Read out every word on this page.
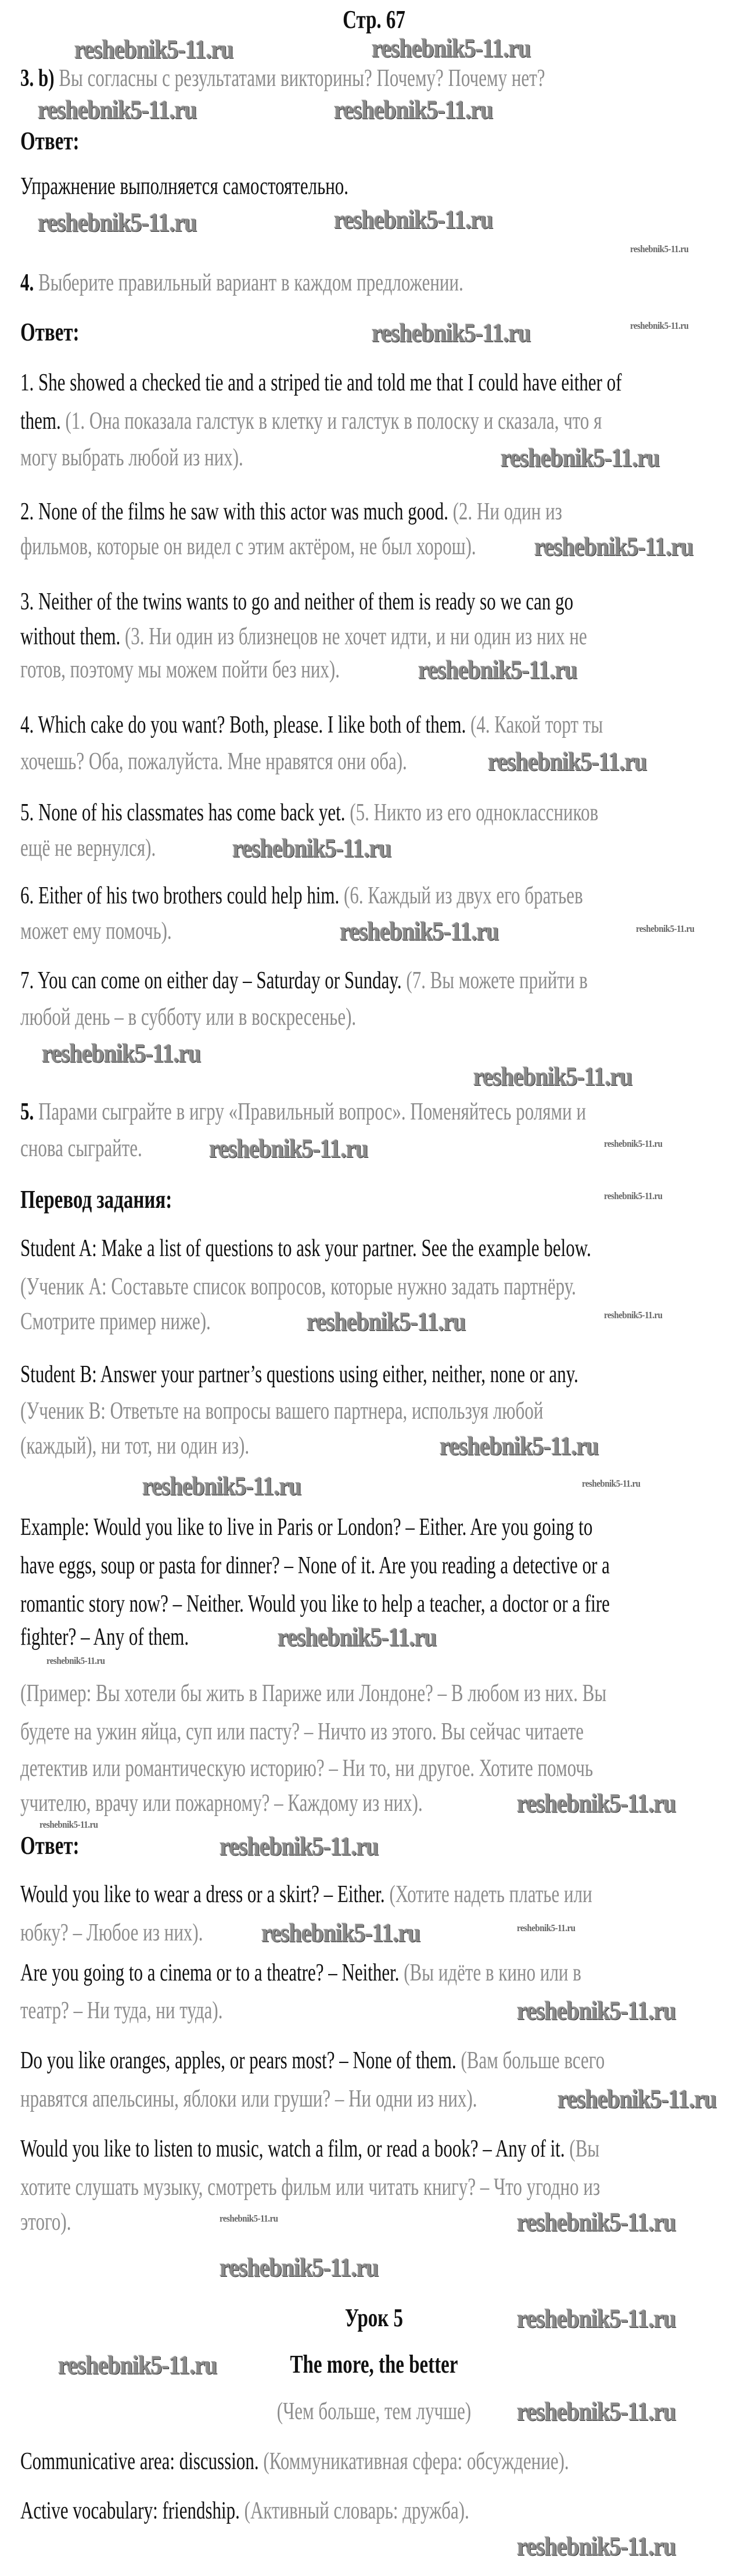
Стр. 67
3. b) Вы согласны с результатами викторины? Почему? Почему нет?
Ответ:
Упражнение выполняется самостоятельно.
4. Выберите правильный вариант в каждом предложении.
Ответ:
1. She showed a checked tie and a striped tie and told me that I could have either of
them. (1. Она показала галстук в клетку и галстук в полоску и сказала, что я
могу выбрать любой из них).
2. None of the films he saw with this actor was much good. (2. Ни один из
фильмов, которые он видел с этим актёром, не был хорош).
3. Neither of the twins wants to go and neither of them is ready so we can go
without them. (3. Ни один из близнецов не хочет идти, и ни один из них не
готов, поэтому мы можем пойти без них).
4. Which cake do you want? Both, please. I like both of them. (4. Какой торт ты
хочешь? Оба, пожалуйста. Мне нравятся они оба).
5. None of his classmates has come back yet. (5. Никто из его одноклассников
ещё не вернулся).
6. Either of his two brothers could help him. (6. Каждый из двух его братьев
может ему помочь).
7. You can come on either day – Saturday or Sunday. (7. Вы можете прийти в
любой день – в субботу или в воскресенье).
5. Парами сыграйте в игру «Правильный вопрос». Поменяйтесь ролями и
снова сыграйте.
Перевод задания:
Student A: Make a list of questions to ask your partner. See the example below.
(Ученик А: Составьте список вопросов, которые нужно задать партнёру.
Смотрите пример ниже).
Student B: Answer your partner’s questions using either, neither, none or any.
(Ученик В: Ответьте на вопросы вашего партнера, используя любой
(каждый), ни тот, ни один из).
Example: Would you like to live in Paris or London? – Either. Are you going to
have eggs, soup or pasta for dinner? – None of it. Are you reading a detective or a
romantic story now? – Neither. Would you like to help a teacher, a doctor or a fire
fighter? – Any of them.
(Пример: Вы хотели бы жить в Париже или Лондоне? – В любом из них. Вы
будете на ужин яйца, суп или пасту? – Ничто из этого. Вы сейчас читаете
детектив или романтическую историю? – Ни то, ни другое. Хотите помочь
учителю, врачу или пожарному? – Каждому из них).
Ответ:
Would you like to wear a dress or a skirt? – Either. (Хотите надеть платье или
юбку? – Любое из них).
Are you going to a cinema or to a theatre? – Neither. (Вы идёте в кино или в
театр? – Ни туда, ни туда).
Do you like oranges, apples, or pears most? – None of them. (Вам больше всего
нравятся апельсины, яблоки или груши? – Ни одни из них).
Would you like to listen to music, watch a film, or read a book? – Any of it. (Вы
хотите слушать музыку, смотреть фильм или читать книгу? – Что угодно из
этого).
Урок 5
The more, the better
(Чем больше, тем лучше)
Communicative area: discussion. (Коммуникативная сфера: обсуждение).
Active vocabulary: friendship. (Активный словарь: дружба).
reshebnik5-11.ru	reshebnik5-11.ru
reshebnik5-11.ru	reshebnik5-11.ru
reshebnik5-11.ru	reshebnik5-11.ru
reshebnik5-11.ru
reshebnik5-11.ru
reshebnik5-11.ru
reshebnik5-11.ru
reshebnik5-11.ru
reshebnik5-11.ru
reshebnik5-11.ru
reshebnik5-11.ru
reshebnik5-11.ru
reshebnik5-11.ru
reshebnik5-11.ru
reshebnik5-11.ru
reshebnik5-11.ru
reshebnik5-11.ru
reshebnik5-11.ru
reshebnik5-11.ru
reshebnik5-11.ru
reshebnik5-11.ru
reshebnik5-11.ru
reshebnik5-11.ru
reshebnik5-11.ru
reshebnik5-11.ru
reshebnik5-11.ru
reshebnik5-11.ru
reshebnik5-11.ru
reshebnik5-11.ru
reshebnik5-11.ru
reshebnik5-11.ru
reshebnik5-11.ru
reshebnik5-11.ru
reshebnik5-11.ru
reshebnik5-11.ru
reshebnik5-11.ru
reshebnik5-11.ru
reshebnik5-11.ru
reshebnik5-11.ru
